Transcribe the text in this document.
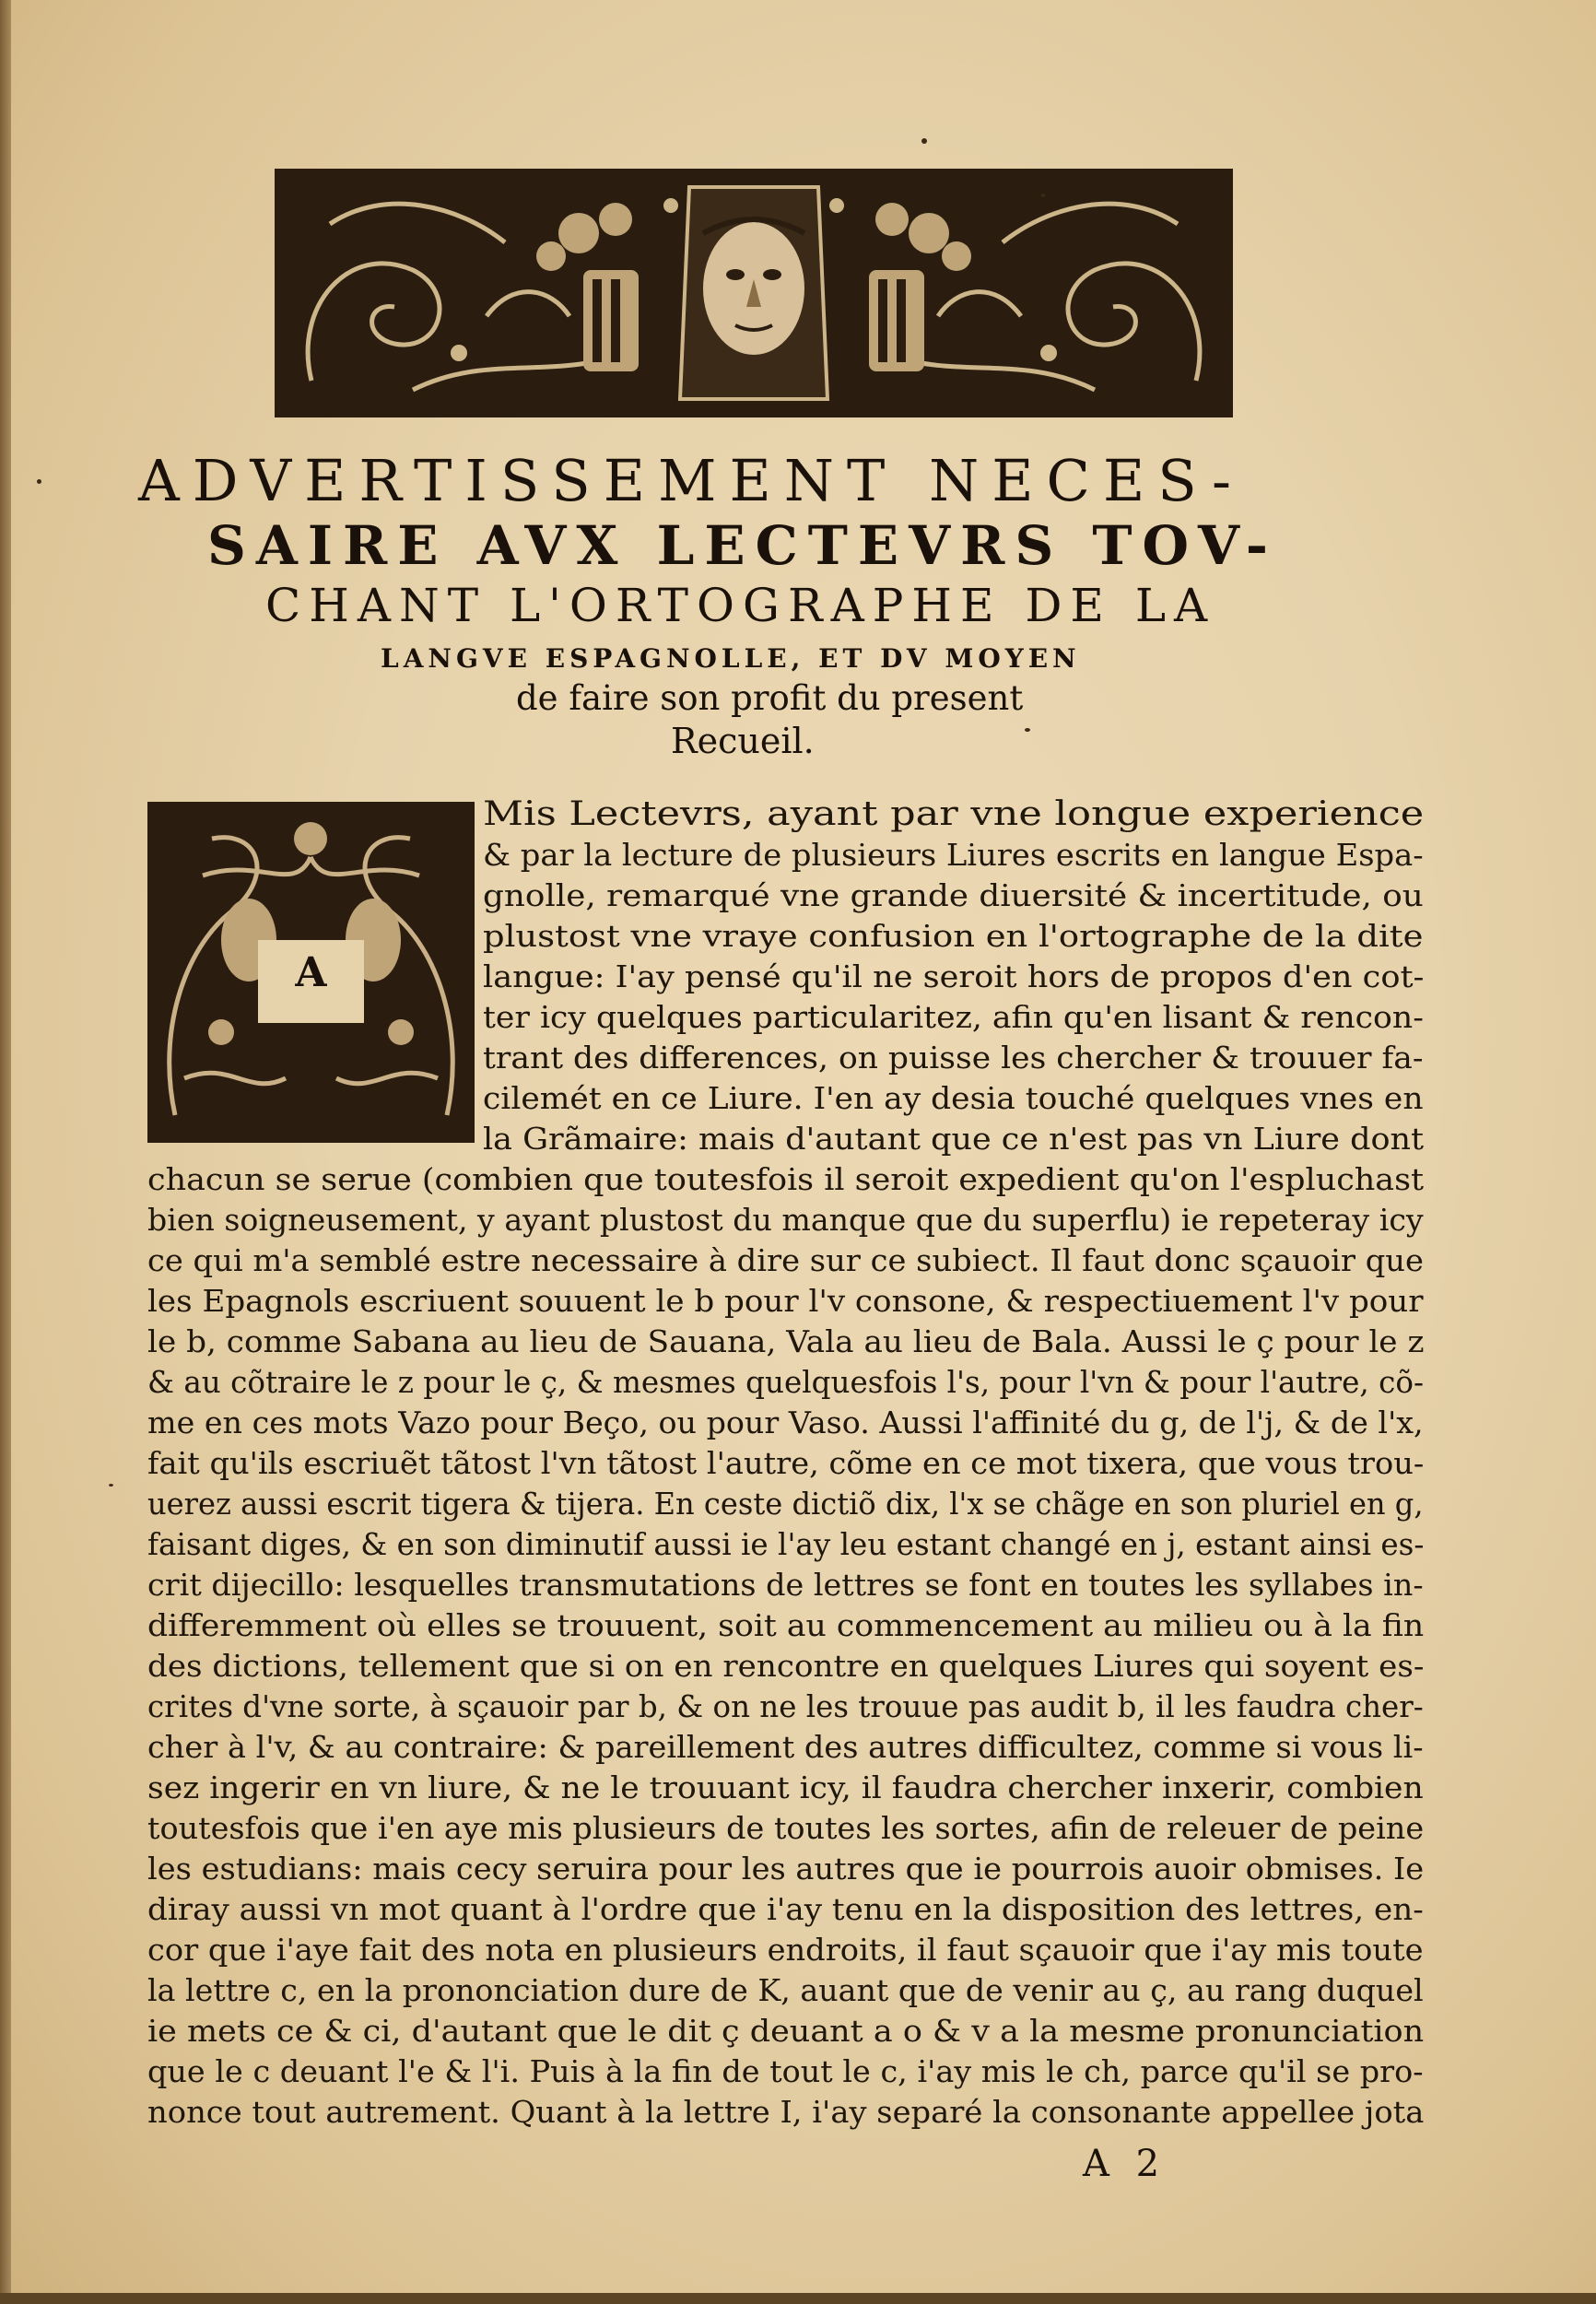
ADVERTISSEMENT NECES-
SAIRE AVX LECTEVRS TOV-
CHANT L'ORTOGRAPHE DE LA
LANGVE ESPAGNOLLE, ET DV MOYEN
de faire son profit du present
Recueil.
A
Mis Lectevrs, ayant par vne longue experience
& par la lecture de plusieurs Liures escrits en langue Espa-
gnolle, remarqué vne grande diuersité & incertitude, ou
plustost vne vraye confusion en l'ortographe de la dite
langue: I'ay pensé qu'il ne seroit hors de propos d'en cot-
ter icy quelques particularitez, afin qu'en lisant & rencon-
trant des differences, on puisse les chercher & trouuer fa-
cilemét en ce Liure. I'en ay desia touché quelques vnes en
la Grãmaire: mais d'autant que ce n'est pas vn Liure dont
chacun se serue (combien que toutesfois il seroit expedient qu'on l'espluchast
bien soigneusement, y ayant plustost du manque que du superflu) ie repeteray icy
ce qui m'a semblé estre necessaire à dire sur ce subiect. Il faut donc sçauoir que
les Epagnols escriuent souuent le b pour l'v consone, & respectiuement l'v pour
le b, comme Sabana au lieu de Sauana, Vala au lieu de Bala. Aussi le ç pour le z
& au cõtraire le z pour le ç, & mesmes quelquesfois l's, pour l'vn & pour l'autre, cõ-
me en ces mots Vazo pour Beço, ou pour Vaso. Aussi l'affinité du g, de l'j, & de l'x,
fait qu'ils escriuẽt tãtost l'vn tãtost l'autre, cõme en ce mot tixera, que vous trou-
uerez aussi escrit tigera & tijera. En ceste dictiõ dix, l'x se chãge en son pluriel en g,
faisant diges, & en son diminutif aussi ie l'ay leu estant changé en j, estant ainsi es-
crit dijecillo: lesquelles transmutations de lettres se font en toutes les syllabes in-
differemment où elles se trouuent, soit au commencement au milieu ou à la fin
des dictions, tellement que si on en rencontre en quelques Liures qui soyent es-
crites d'vne sorte, à sçauoir par b, & on ne les trouue pas audit b, il les faudra cher-
cher à l'v, & au contraire: & pareillement des autres difficultez, comme si vous li-
sez ingerir en vn liure, & ne le trouuant icy, il faudra chercher inxerir, combien
toutesfois que i'en aye mis plusieurs de toutes les sortes, afin de releuer de peine
les estudians: mais cecy seruira pour les autres que ie pourrois auoir obmises. Ie
diray aussi vn mot quant à l'ordre que i'ay tenu en la disposition des lettres, en-
cor que i'aye fait des nota en plusieurs endroits, il faut sçauoir que i'ay mis toute
la lettre c, en la prononciation dure de K, auant que de venir au ç, au rang duquel
ie mets ce & ci, d'autant que le dit ç deuant a o & v a la mesme pronunciation
que le c deuant l'e & l'i. Puis à la fin de tout le c, i'ay mis le ch, parce qu'il se pro-
nonce tout autrement. Quant à la lettre I, i'ay separé la consonante appellee jota
A 2
